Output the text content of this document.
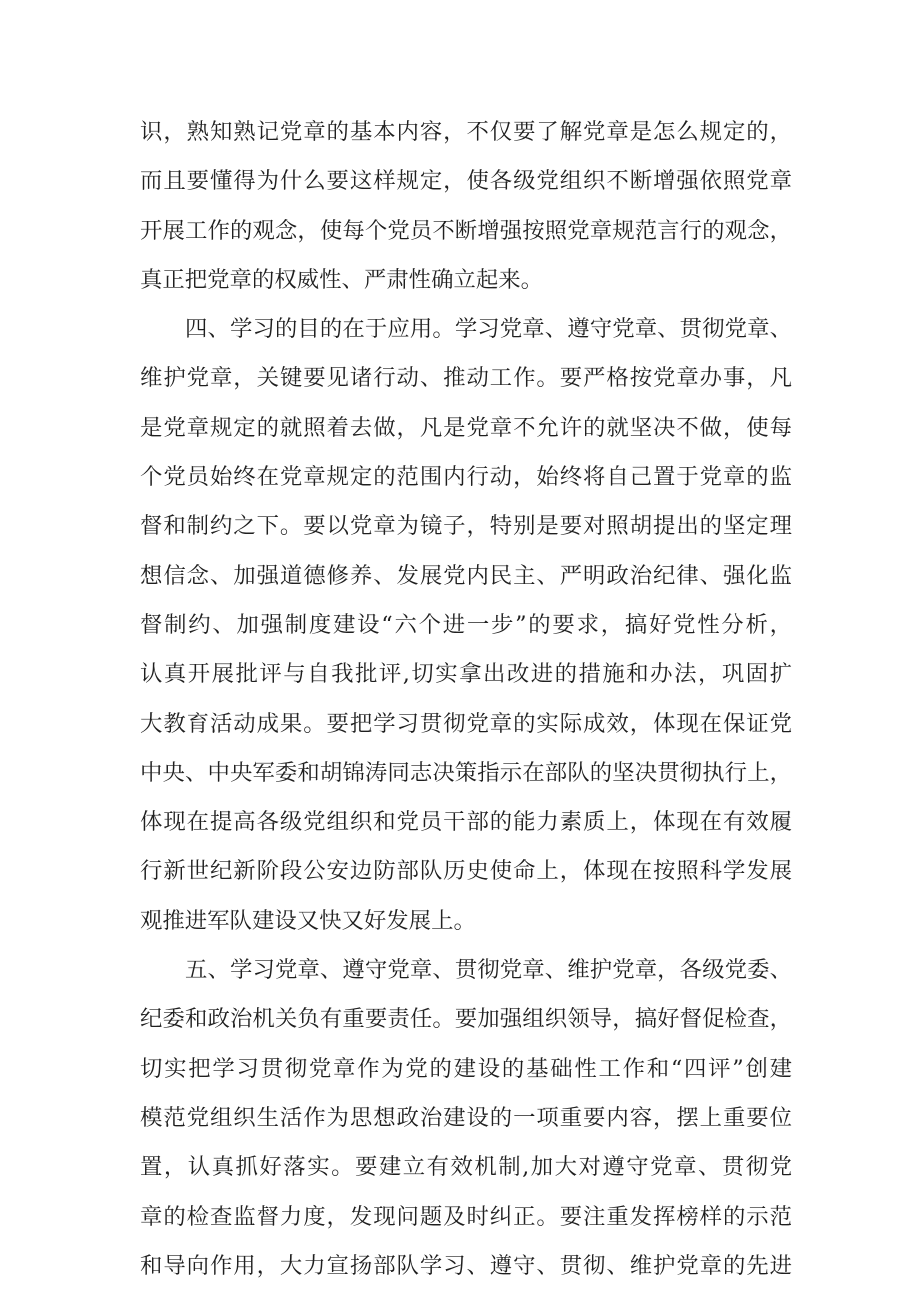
识，熟知熟记党章的基本内容，不仅要了解党章是怎么规定的，
而且要懂得为什么要这样规定，使各级党组织不断增强依照党章
开展工作的观念，使每个党员不断增强按照党章规范言行的观念，
真正把党章的权威性、严肃性确立起来。
四、学习的目的在于应用。学习党章、遵守党章、贯彻党章、
维护党章，关键要见诸行动、推动工作。要严格按党章办事，凡
是党章规定的就照着去做，凡是党章不允许的就坚决不做，使每
个党员始终在党章规定的范围内行动，始终将自己置于党章的监
督和制约之下。要以党章为镜子，特别是要对照胡提出的坚定理
想信念、加强道德修养、发展党内民主、严明政治纪律、强化监
督制约、加强制度建设“六个进一步”的要求，搞好党性分析，
认真开展批评与自我批评,切实拿出改进的措施和办法，巩固扩
大教育活动成果。要把学习贯彻党章的实际成效，体现在保证党
中央、中央军委和胡锦涛同志决策指示在部队的坚决贯彻执行上，
体现在提高各级党组织和党员干部的能力素质上，体现在有效履
行新世纪新阶段公安边防部队历史使命上，体现在按照科学发展
观推进军队建设又快又好发展上。
五、学习党章、遵守党章、贯彻党章、维护党章，各级党委、
纪委和政治机关负有重要责任。要加强组织领导，搞好督促检查，
切实把学习贯彻党章作为党的建设的基础性工作和“四评”创建
模范党组织生活作为思想政治建设的一项重要内容，摆上重要位
置，认真抓好落实。要建立有效机制,加大对遵守党章、贯彻党
章的检查监督力度，发现问题及时纠正。要注重发挥榜样的示范
和导向作用，大力宣扬部队学习、遵守、贯彻、维护党章的先进
